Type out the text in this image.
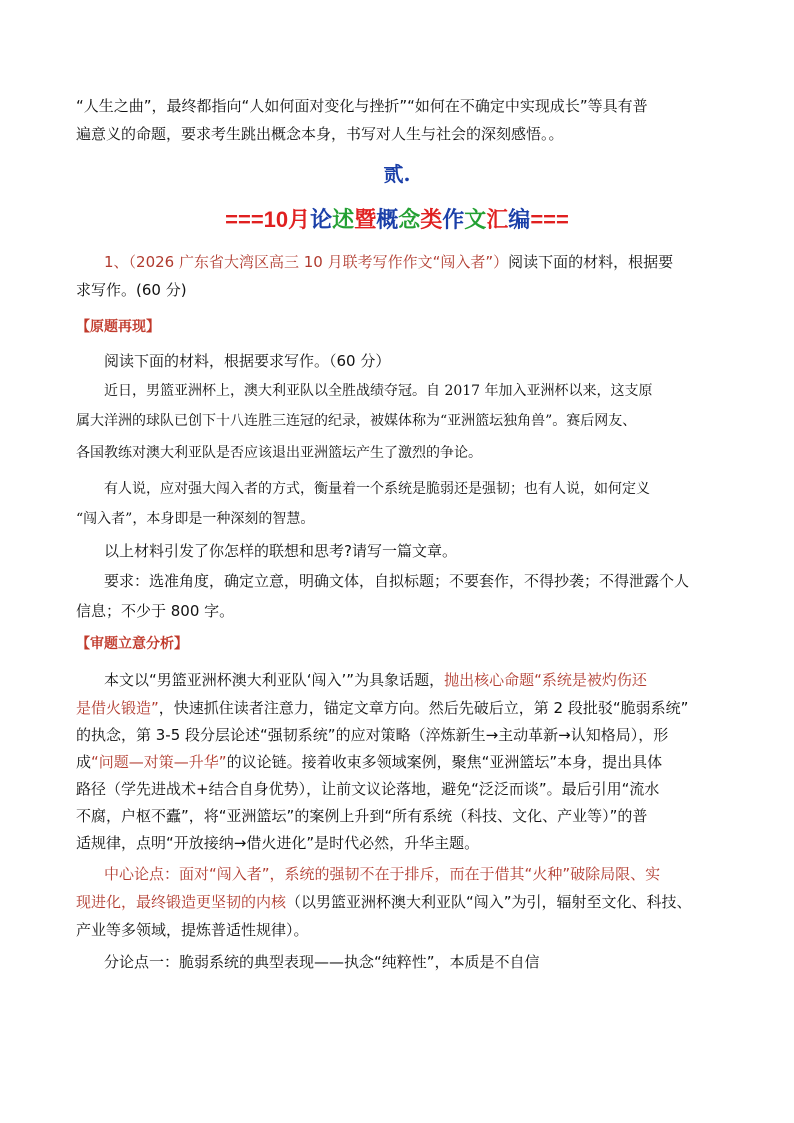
“人生之曲”，最终都指向“人如何面对变化与挫折”“如何在不确定中实现成长”等具有普

遍意义的命题，要求考生跳出概念本身，书写对人生与社会的深刻感悟。。

贰.
===10月论述暨概念类作文汇编===

1、（2026 广东省大湾区高三 10 月联考写作作文“闯入者”）阅读下面的材料，根据要

求写作。(60 分)

【原题再现】

阅读下面的材料，根据要求写作。（60 分）

近日，男篮亚洲杯上，澳大利亚队以全胜战绩夺冠。自 2017 年加入亚洲杯以来，这支原

属大洋洲的球队已创下十八连胜三连冠的纪录，被媒体称为“亚洲篮坛独角兽”。赛后网友、

各国教练对澳大利亚队是否应该退出亚洲篮坛产生了激烈的争论。

有人说，应对强大闯入者的方式，衡量着一个系统是脆弱还是强韧；也有人说，如何定义

“闯入者”，本身即是一种深刻的智慧。

以上材料引发了你怎样的联想和思考?请写一篇文章。

要求：选准角度，确定立意，明确文体，自拟标题；不要套作，不得抄袭；不得泄露个人

信息；不少于 800 字。

【审题立意分析】

本文以“男篮亚洲杯澳大利亚队‘闯入’”为具象话题，抛出核心命题“系统是被灼伤还

是借火锻造”，快速抓住读者注意力，锚定文章方向。然后先破后立，第 2 段批驳“脆弱系统”

的执念，第 3-5 段分层论述“强韧系统”的应对策略（淬炼新生→主动革新→认知格局），形

成“问题—对策—升华”的议论链。接着收束多领域案例，聚焦“亚洲篮坛”本身，提出具体

路径（学先进战术+结合自身优势），让前文议论落地，避免“泛泛而谈”。最后引用“流水

不腐，户枢不蠹”，将“亚洲篮坛”的案例上升到“所有系统（科技、文化、产业等）”的普

适规律，点明“开放接纳→借火进化”是时代必然，升华主题。

中心论点：面对“闯入者”，系统的强韧不在于排斥，而在于借其“火种”破除局限、实

现进化，最终锻造更坚韧的内核（以男篮亚洲杯澳大利亚队“闯入”为引，辐射至文化、科技、

产业等多领域，提炼普适性规律）。

分论点一：脆弱系统的典型表现——执念“纯粹性”，本质是不自信
